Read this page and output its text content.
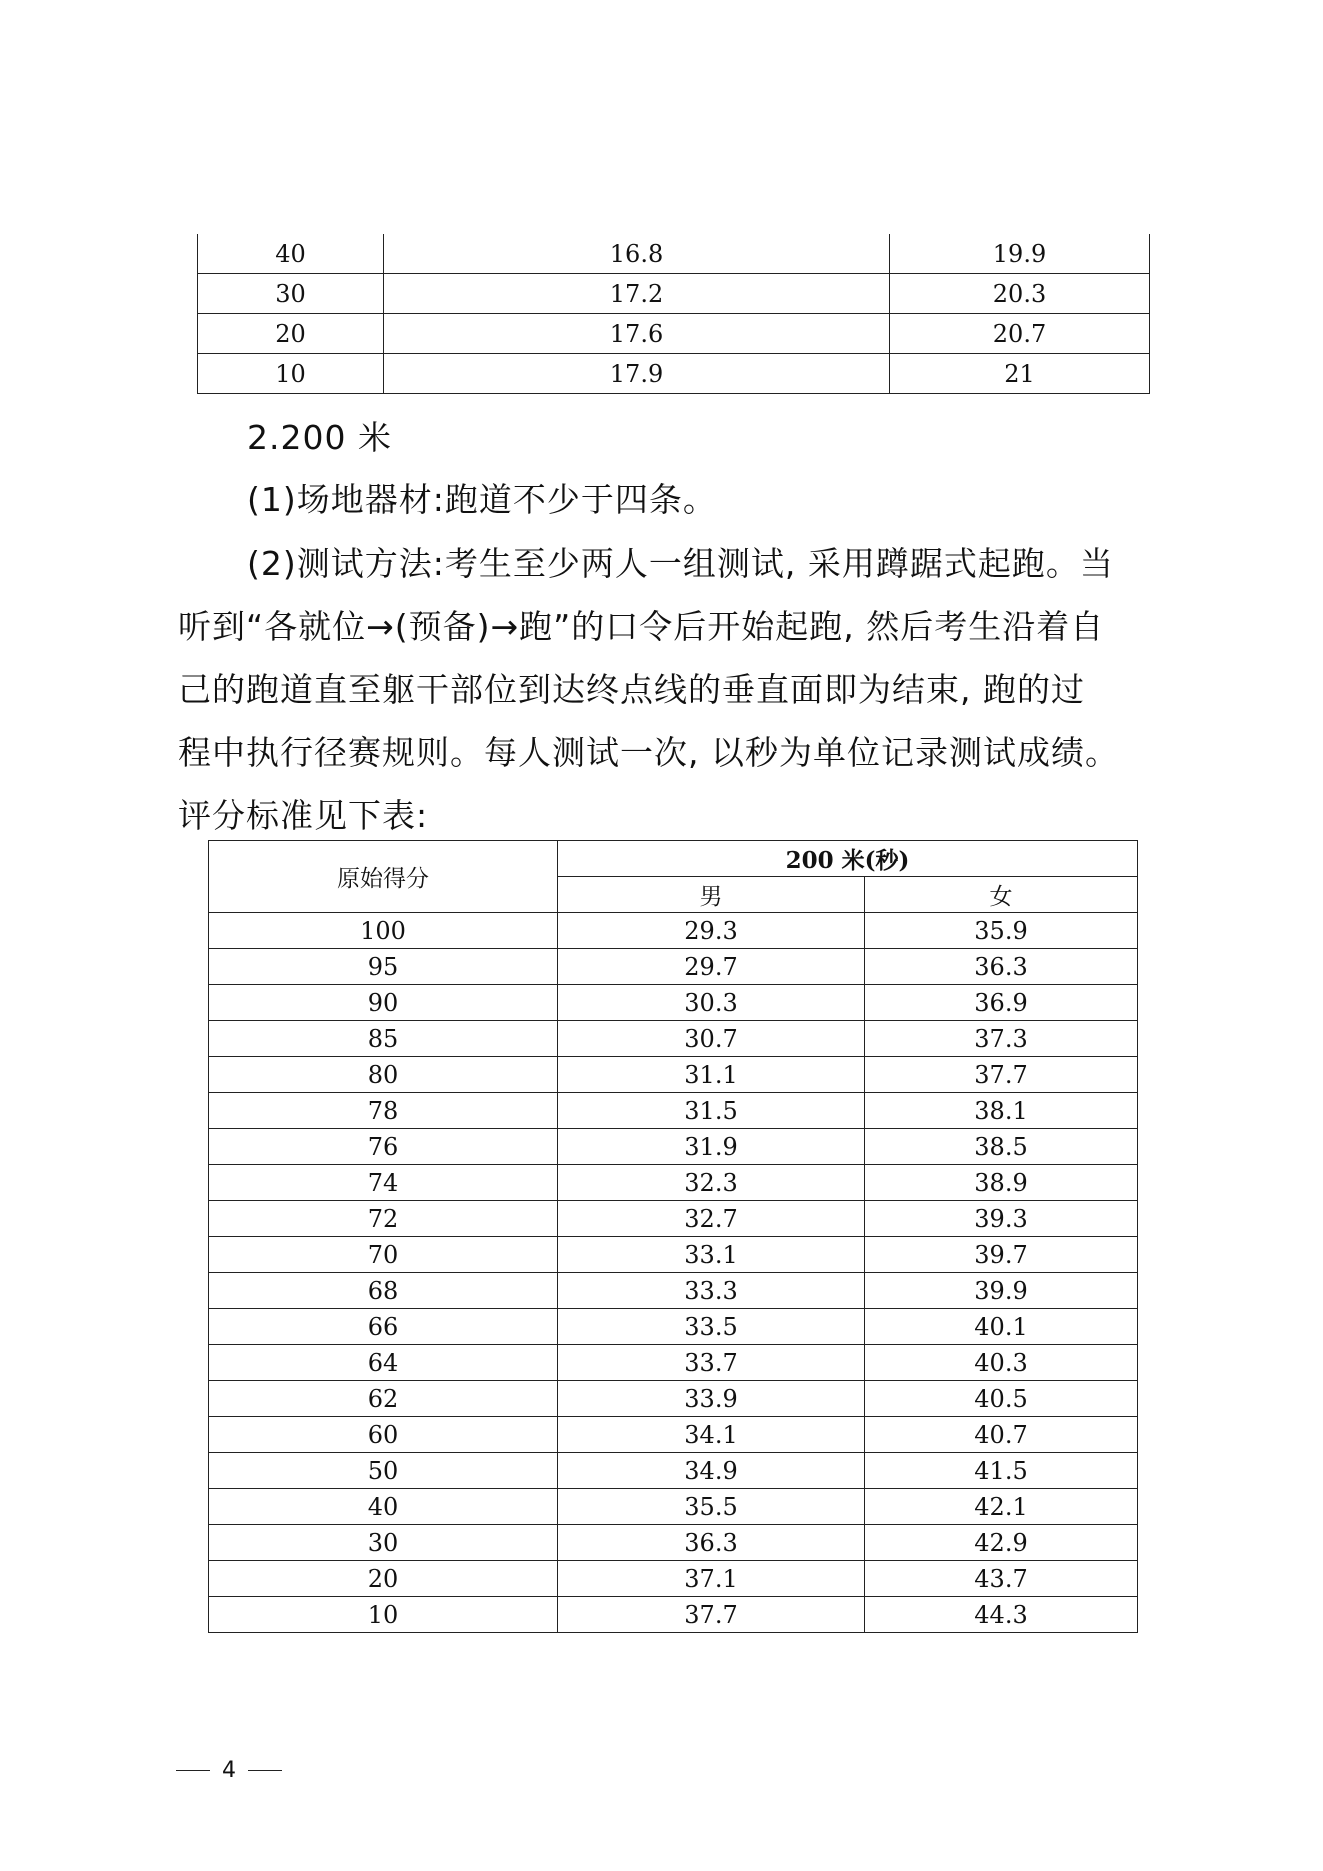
40	16.8	19.9
30	17.2	20.3
20	17.6	20.7
10	17.9	21

2.200 米

(1)场地器材:跑道不少于四条。

(2)测试方法:考生至少两人一组测试, 采用蹲踞式起跑。当
听到“各就位→(预备)→跑”的口令后开始起跑, 然后考生沿着自
己的跑道直至躯干部位到达终点线的垂直面即为结束, 跑的过
程中执行径赛规则。每人测试一次, 以秒为单位记录测试成绩。

评分标准见下表:

原始得分	200 米(秒)	
	男	女
100	29.3	35.9
95	29.7	36.3
90	30.3	36.9
85	30.7	37.3
80	31.1	37.7
78	31.5	38.1
76	31.9	38.5
74	32.3	38.9
72	32.7	39.3
70	33.1	39.7
68	33.3	39.9
66	33.5	40.1
64	33.7	40.3
62	33.9	40.5
60	34.1	40.7
50	34.9	41.5
40	35.5	42.1
30	36.3	42.9
20	37.1	43.7
10	37.7	44.3
4
